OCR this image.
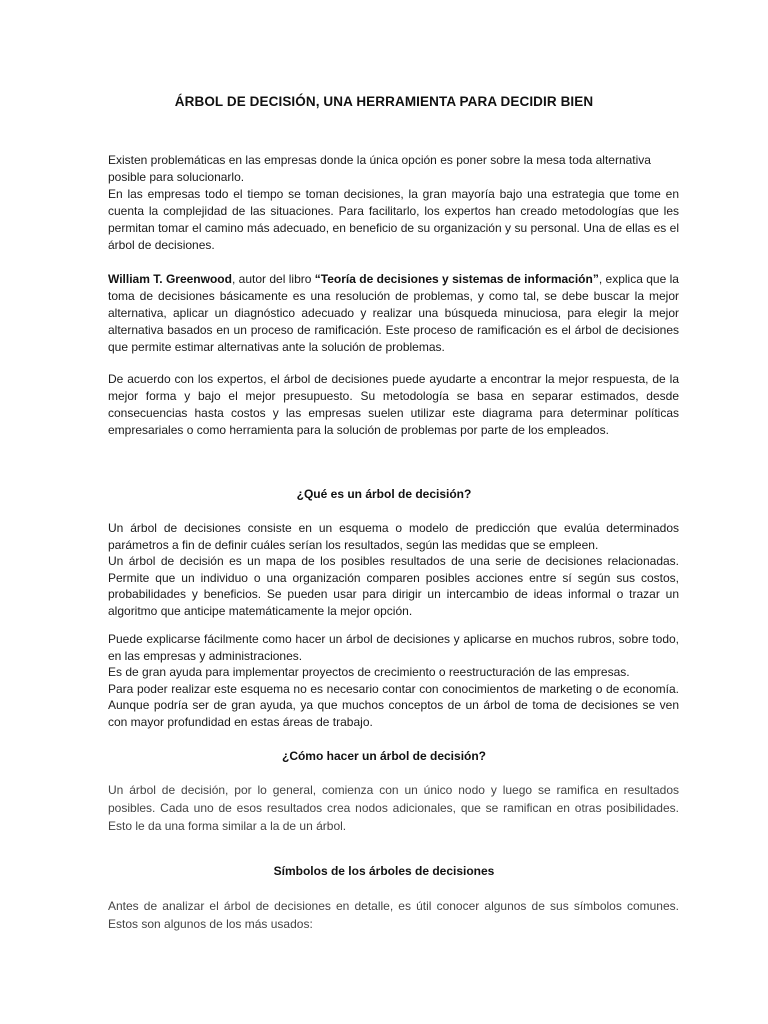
ÁRBOL DE DECISIÓN, UNA HERRAMIENTA PARA DECIDIR BIEN
Existen problemáticas en las empresas donde la única opción es poner sobre la mesa toda alternativa posible para solucionarlo.
En las empresas todo el tiempo se toman decisiones, la gran mayoría bajo una estrategia que tome en cuenta la complejidad de las situaciones. Para facilitarlo, los expertos han creado metodologías que les permitan tomar el camino más adecuado, en beneficio de su organización y su personal. Una de ellas es el árbol de decisiones.

William T. Greenwood, autor del libro “Teoría de decisiones y sistemas de información”, explica que la toma de decisiones básicamente es una resolución de problemas, y como tal, se debe buscar la mejor alternativa, aplicar un diagnóstico adecuado y realizar una búsqueda minuciosa, para elegir la mejor alternativa basados en un proceso de ramificación. Este proceso de ramificación es el árbol de decisiones que permite estimar alternativas ante la solución de problemas.

De acuerdo con los expertos, el árbol de decisiones puede ayudarte a encontrar la mejor respuesta, de la mejor forma y bajo el mejor presupuesto. Su metodología se basa en separar estimados, desde consecuencias hasta costos y las empresas suelen utilizar este diagrama para determinar políticas empresariales o como herramienta para la solución de problemas por parte de los empleados.

¿Qué es un árbol de decisión?
Un árbol de decisiones consiste en un esquema o modelo de predicción que evalúa determinados parámetros a fin de definir cuáles serían los resultados, según las medidas que se empleen.
Un árbol de decisión es un mapa de los posibles resultados de una serie de decisiones relacionadas. Permite que un individuo o una organización comparen posibles acciones entre sí según sus costos, probabilidades y beneficios. Se pueden usar para dirigir un intercambio de ideas informal o trazar un algoritmo que anticipe matemáticamente la mejor opción.
Puede explicarse fácilmente como hacer un árbol de decisiones y aplicarse en muchos rubros, sobre todo, en las empresas y administraciones.
Es de gran ayuda para implementar proyectos de crecimiento o reestructuración de las empresas.
Para poder realizar este esquema no es necesario contar con conocimientos de marketing o de economía. Aunque podría ser de gran ayuda, ya que muchos conceptos de un árbol de toma de decisiones se ven con mayor profundidad en estas áreas de trabajo.
¿Cómo hacer un árbol de decisión?

Un árbol de decisión, por lo general, comienza con un único nodo y luego se ramifica en resultados posibles. Cada uno de esos resultados crea nodos adicionales, que se ramifican en otras posibilidades. Esto le da una forma similar a la de un árbol.

Símbolos de los árboles de decisiones

Antes de analizar el árbol de decisiones en detalle, es útil conocer algunos de sus símbolos comunes. Estos son algunos de los más usados:
